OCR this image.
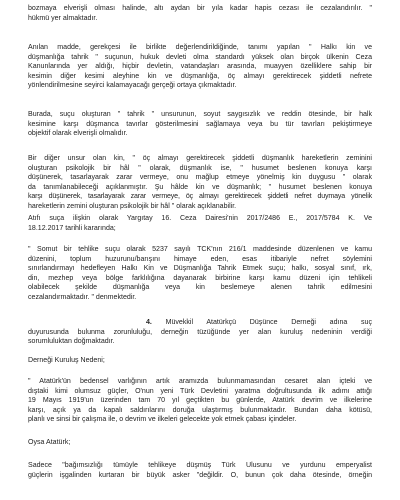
bozmaya elverişli olması halinde, altı aydan bir yıla kadar hapis cezası ile cezalandırılır. "
hükmü yer almaktadır.
Anılan madde, gerekçesi ile birlikte değerlendirildiğinde, tanımı yapılan " Halkı kin ve
düşmanlığa tahrik " suçunun, hukuk devleti olma standardı yüksek olan birçok ülkenin Ceza
Kanunlarında yer aldığı, hiçbir devletin, vatandaşları arasında, muayyen özelliklere sahip bir
kesimin diğer kesimi aleyhine kin ve düşmanlığa, öç almayı gerektirecek şiddetli nefrete
yönlendirilmesine seyirci kalamayacağı gerçeği ortaya çıkmaktadır.
Burada, suçu oluşturan " tahrik " unsurunun, soyut saygısızlık ve reddin ötesinde, bir halk
kesimine karşı düşmanca tavırlar gösterilmesini sağlamaya veya bu tür tavırları pekiştirmeye
objektif olarak elverişli olmalıdır.
Bir diğer unsur olan kin, " öç almayı gerektirecek şiddetli düşmanlık hareketlerin zeminini
oluşturan psikolojik bir hâl " olarak, düşmanlık ise, " husumet beslenen konuya karşı
düşünerek, tasarlayarak zarar vermeye, onu mağlup etmeye yönelmiş kin duygusu " olarak
da tanımlanabileceği açıklanmıştır. Şu hâlde kin ve düşmanlık; " husumet beslenen konuya
karşı düşünerek, tasarlayarak zarar vermeye, öç almayı gerektirecek şiddetli nefret duymaya yönelik
hareketlerin zemini oluşturan psikolojik bir hâl " olarak açıklanabilir.
Atıfı suça ilişkin olarak Yargıtay 16. Ceza Dairesi'nin 2017/2486 E., 2017/5784 K. Ve
18.12.2017 tarihli kararında;
" Somut bir tehlike suçu olarak 5237 sayılı TCK'nın 216/1 maddesinde düzenlenen ve kamu
düzenini, toplum huzurunu/barışını himaye eden, esas itibariyle nefret söylemini
sınırlandırmayı hedefleyen Halkı Kin ve Düşmanlığa Tahrik Etmek suçu; halkı, sosyal sınıf, ırk,
din, mezhep veya bölge farklılığına dayanarak birbirine karşı kamu düzeni için tehlikeli
olabilecek şekilde düşmanlığa veya kin beslemeye alenen tahrik edilmesini
cezalandırmaktadır. " denmektedir.
4. Müvekkil Atatürkçü Düşünce Derneği adına suç
duyurusunda bulunma zorunluluğu, derneğin tüzüğünde yer alan kuruluş nedeninin verdiği
sorumluluktan doğmaktadır.
Derneği Kuruluş Nedeni;
" Atatürk'ün bedensel varlığının artık aramızda bulunmamasından cesaret alan içteki ve
dıştaki kimi olumsuz güçler, O'nun yeni Türk Devletini yaratma doğrultusunda ilk adımı attığı
19 Mayıs 1919'un üzerinden tam 70 yıl geçtikten bu günlerde, Atatürk devrim ve ilkelerine
karşı, açık ya da kapalı saldırılarını doruğa ulaştırmış bulunmaktadır. Bundan daha kötüsü,
planlı ve sinsi bir çalışma ile, o devrim ve ilkeleri gelecekte yok etmek çabası içindeler.
Oysa Atatürk;
Sadece "bağımsızlığı tümüyle tehlikeye düşmüş Türk Ulusunu ve yurdunu emperyalist
güçlerin işgalinden kurtaran bir büyük asker "değildir. O, bunun çok daha ötesinde, örneğin
